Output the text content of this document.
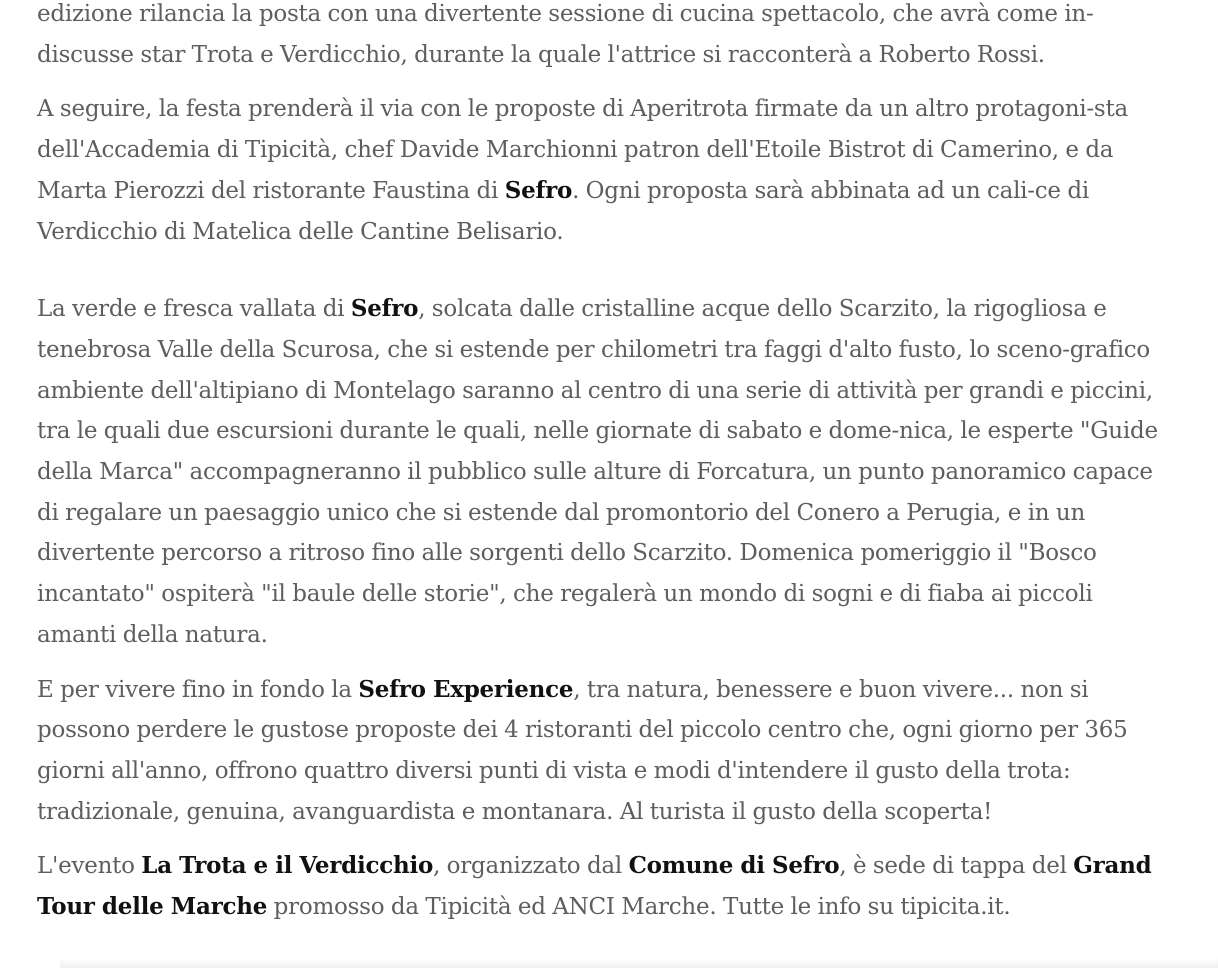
edizione rilancia la posta con una divertente sessione di cucina spettacolo, che avrà come in-discusse star Trota e Verdicchio, durante la quale l'attrice si racconterà a Roberto Rossi.

A seguire, la festa prenderà il via con le proposte di Aperitrota firmate da un altro protagoni-sta dell'Accademia di Tipicità, chef Davide Marchionni patron dell'Etoile Bistrot di Camerino, e da Marta Pierozzi del ristorante Faustina di Sefro. Ogni proposta sarà abbinata ad un cali-ce di Verdicchio di Matelica delle Cantine Belisario.

La verde e fresca vallata di Sefro, solcata dalle cristalline acque dello Scarzito, la rigogliosa e tenebrosa Valle della Scurosa, che si estende per chilometri tra faggi d'alto fusto, lo sceno-grafico ambiente dell'altipiano di Montelago saranno al centro di una serie di attività per grandi e piccini, tra le quali due escursioni durante le quali, nelle giornate di sabato e dome-nica, le esperte "Guide della Marca" accompagneranno il pubblico sulle alture di Forcatura, un punto panoramico capace di regalare un paesaggio unico che si estende dal promontorio del Conero a Perugia, e in un divertente percorso a ritroso fino alle sorgenti dello Scarzito. Domenica pomeriggio il "Bosco incantato" ospiterà "il baule delle storie", che regalerà un mondo di sogni e di fiaba ai piccoli amanti della natura.

E per vivere fino in fondo la Sefro Experience, tra natura, benessere e buon vivere... non si possono perdere le gustose proposte dei 4 ristoranti del piccolo centro che, ogni giorno per 365 giorni all'anno, offrono quattro diversi punti di vista e modi d'intendere il gusto della trota: tradizionale, genuina, avanguardista e montanara. Al turista il gusto della scoperta!

L'evento La Trota e il Verdicchio, organizzato dal Comune di Sefro, è sede di tappa del Grand Tour delle Marche promosso da Tipicità ed ANCI Marche. Tutte le info su tipicita.it.
